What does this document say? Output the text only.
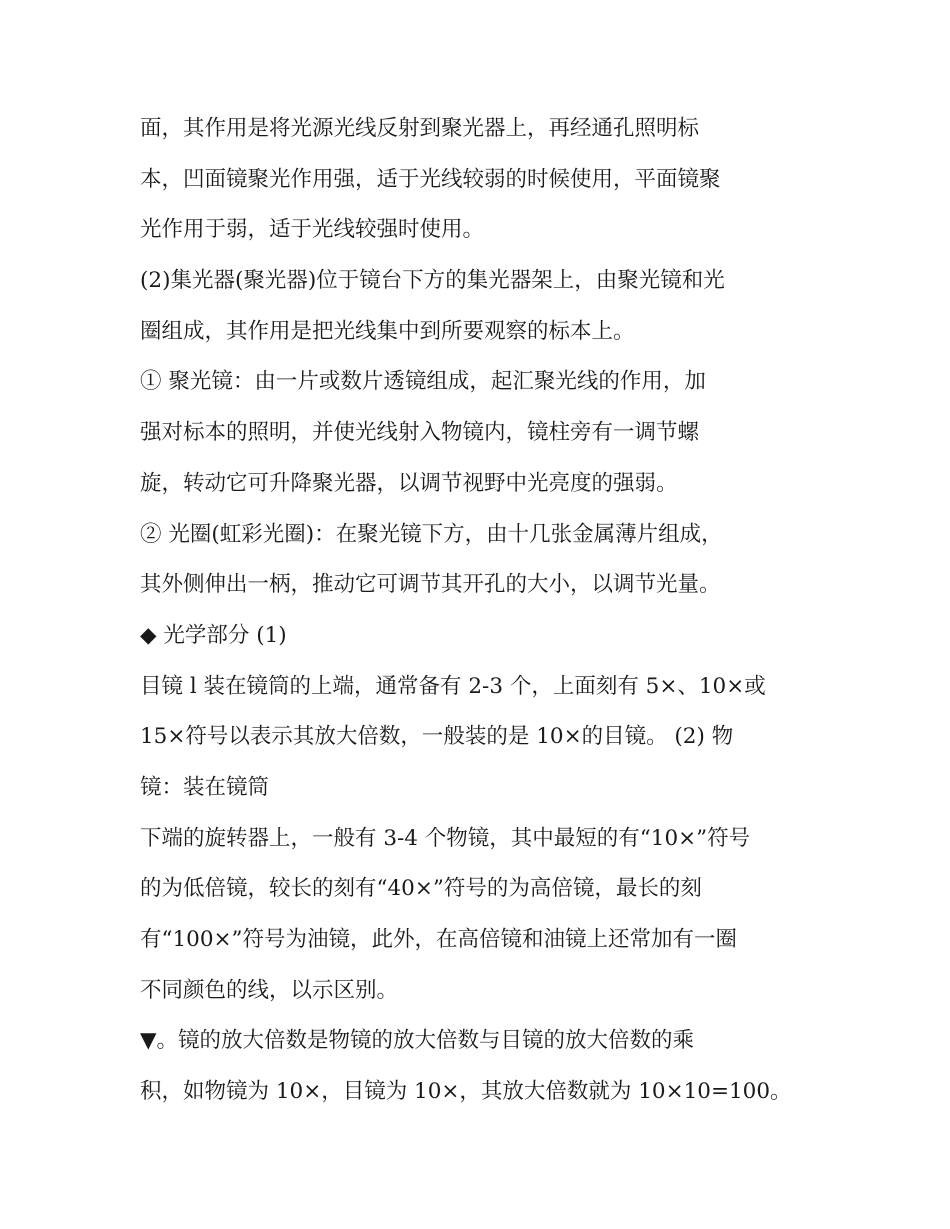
面，其作用是将光源光线反射到聚光器上，再经通孔照明标
本，凹面镜聚光作用强，适于光线较弱的时候使用，平面镜聚
光作用于弱，适于光线较强时使用。
(2)集光器(聚光器)位于镜台下方的集光器架上，由聚光镜和光
圈组成，其作用是把光线集中到所要观察的标本上。
① 聚光镜：由一片或数片透镜组成，起汇聚光线的作用，加
强对标本的照明，并使光线射入物镜内，镜柱旁有一调节螺
旋，转动它可升降聚光器，以调节视野中光亮度的强弱。
② 光圈(虹彩光圈)：在聚光镜下方，由十几张金属薄片组成，
其外侧伸出一柄，推动它可调节其开孔的大小，以调节光量。
◆ 光学部分 (1)
目镜 l 装在镜筒的上端，通常备有 2-3 个，上面刻有 5×、10×或
15×符号以表示其放大倍数，一般装的是 10×的目镜。 (2) 物
镜：装在镜筒
下端的旋转器上，一般有 3-4 个物镜，其中最短的有“10×”符号
的为低倍镜，较长的刻有“40×”符号的为高倍镜，最长的刻
有“100×”符号为油镜，此外，在高倍镜和油镜上还常加有一圈
不同颜色的线，以示区别。
▼。镜的放大倍数是物镜的放大倍数与目镜的放大倍数的乘
积，如物镜为 10×，目镜为 10×，其放大倍数就为 10×10=100。
